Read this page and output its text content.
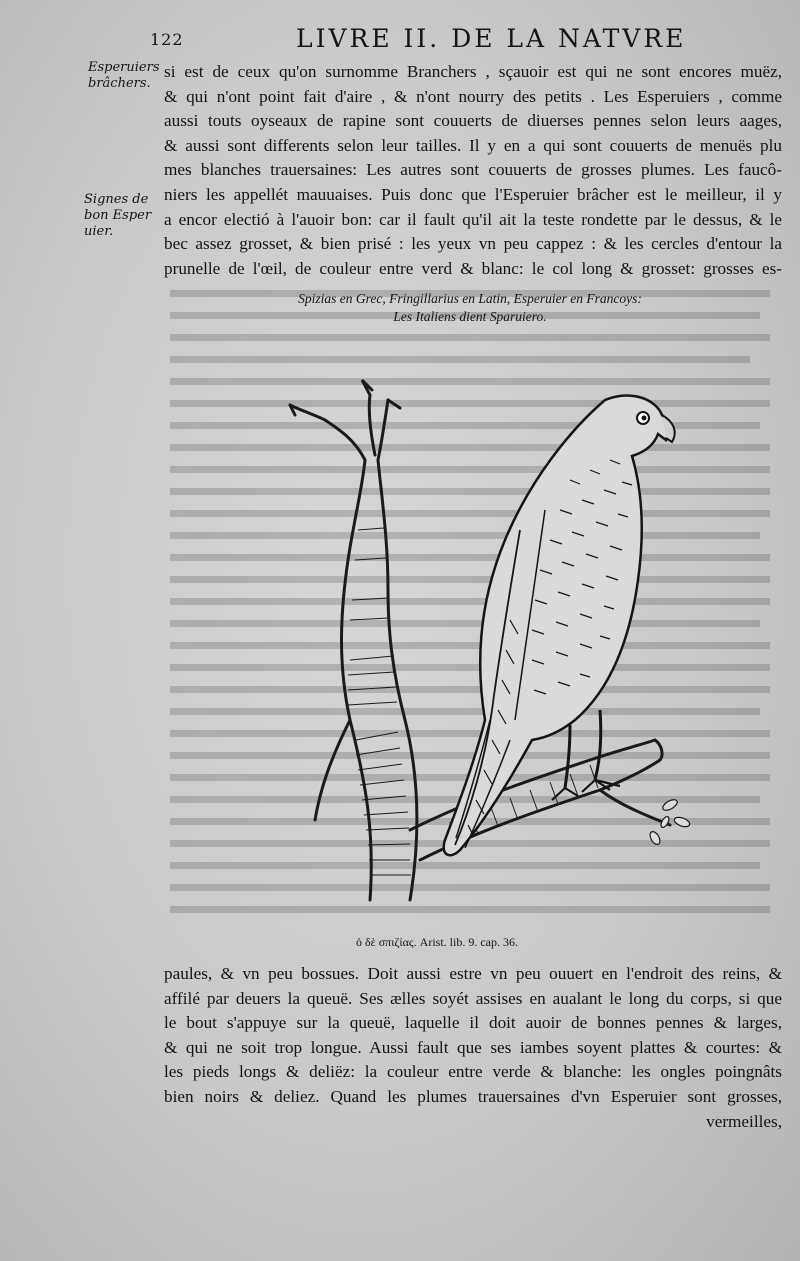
122	LIVRE II. DE LA NATVRE
Esperuiers brâchers.
Signes de bon Esper uier.
si est de ceux qu'on surnomme Branchers , sçauoir est qui ne sont encores muëz,
& qui n'ont point fait d'aire , & n'ont nourry des petits . Les Esperuiers , comme
aussi touts oyseaux de rapine sont couuerts de diuerses pennes selon leurs aages,
& aussi sont differents selon leur tailles. Il y en a qui sont couuerts de menuës plu
mes blanches trauersaines: Les autres sont couuerts de grosses plumes. Les faucô-
niers les appellét mauuaises. Puis donc que l'Esperuier brâcher est le meilleur, il y
a encor electió à l'auoir bon: car il fault qu'il ait la teste rondette par le dessus, & le
bec assez grosset, & bien prisé : les yeux vn peu cappez : & les cercles d'entour la
prunelle de l'œil, de couleur entre verd & blanc: le col long & grosset: grosses es-
Spizias en Grec, Fringillarius en Latin, Esperuier en Francoys:
Les Italiens dient Sparuiero.
ὁ δὲ σπιζίας. Arist. lib. 9. cap. 36.
paules, & vn peu bossues. Doit aussi estre vn peu ouuert en l'endroit des reins, &
affilé par deuers la queuë. Ses ælles soyét assises en aualant le long du corps, si que
le bout s'appuye sur la queuë, laquelle il doit auoir de bonnes pennes & larges,
& qui ne soit trop longue. Aussi fault que ses iambes soyent plattes & courtes: &
les pieds longs & deliëz: la couleur entre verde & blanche: les ongles poingnâts
bien noirs & deliez. Quand les plumes trauersaines d'vn Esperuier sont grosses,
vermeilles,
